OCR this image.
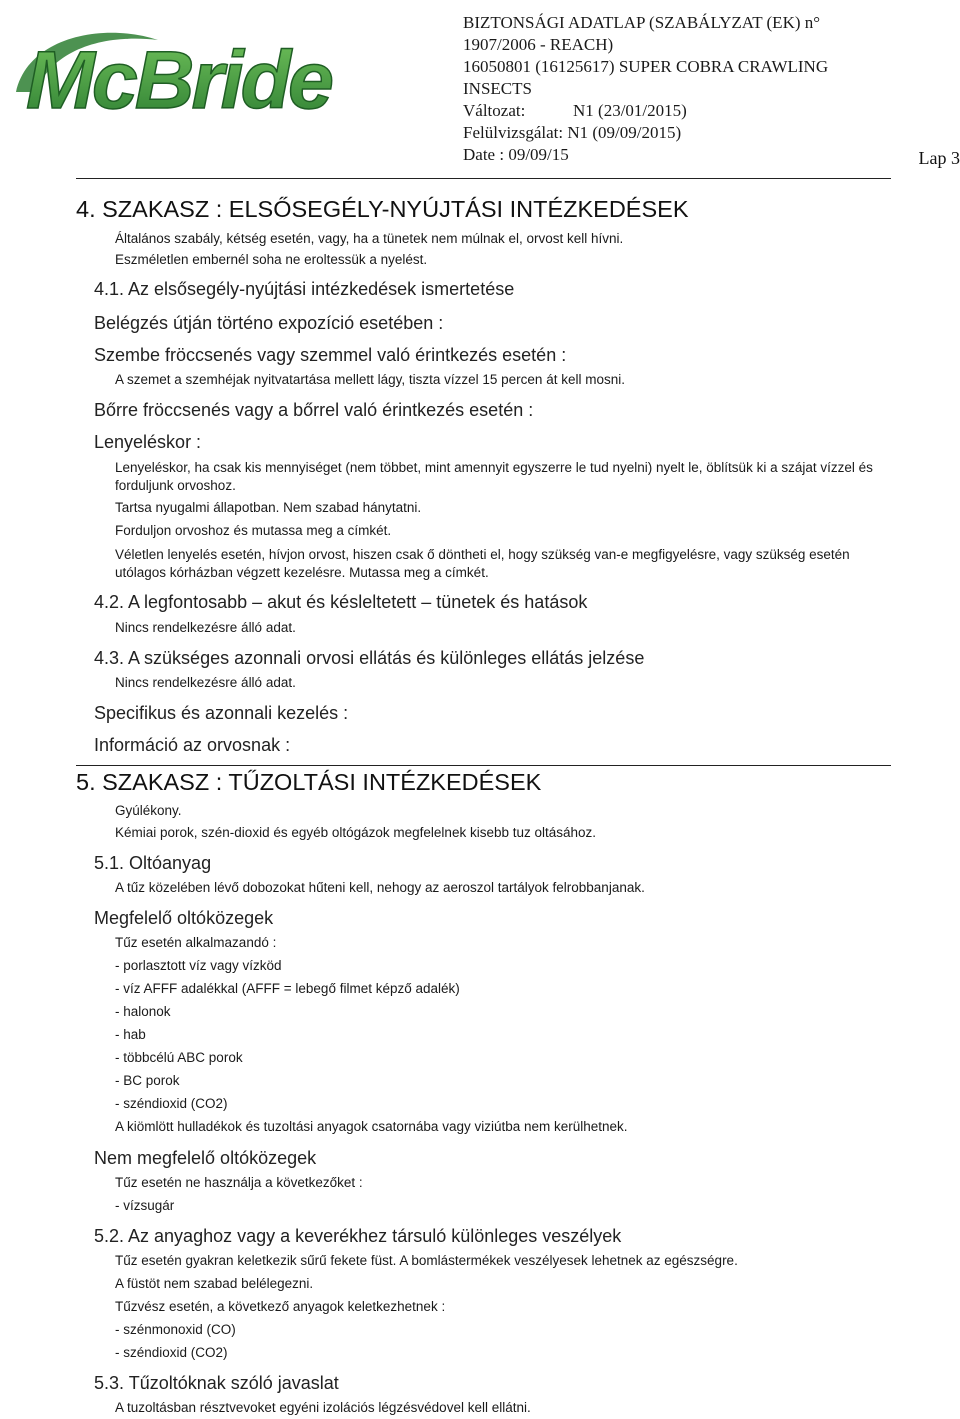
McBride
BIZTONSÁGI ADATLAP (SZABÁLYZAT (EK) n°
1907/2006 - REACH)
16050801 (16125617) SUPER COBRA CRAWLING
INSECTS
Változat:	N1 (23/01/2015)
Felülvizsgálat: N1 (09/09/2015)
Date : 09/09/15	Lap 3
4. SZAKASZ : ELSŐSEGÉLY-NYÚJTÁSI INTÉZKEDÉSEK
Általános szabály, kétség esetén, vagy, ha a tünetek nem múlnak el, orvost kell hívni.
Eszméletlen embernél soha ne eroltessük a nyelést.
4.1. Az elsősegély-nyújtási intézkedések ismertetése
Belégzés útján történo expozíció esetében :
Szembe fröccsenés vagy szemmel való érintkezés esetén :
A szemet a szemhéjak nyitvatartása mellett lágy, tiszta vízzel 15 percen át kell mosni.
Bőrre fröccsenés vagy a bőrrel való érintkezés esetén :
Lenyeléskor :
Lenyeléskor, ha csak kis mennyiséget (nem többet, mint amennyit egyszerre le tud nyelni) nyelt le, öblítsük ki a szájat vízzel és forduljunk orvoshoz.
Tartsa nyugalmi állapotban. Nem szabad hánytatni.
Forduljon orvoshoz és mutassa meg a címkét.
Véletlen lenyelés esetén, hívjon orvost, hiszen csak ő döntheti el, hogy szükség van-e megfigyelésre, vagy szükség esetén utólagos kórházban végzett kezelésre. Mutassa meg a címkét.
4.2. A legfontosabb – akut és késleltetett – tünetek és hatások
Nincs rendelkezésre álló adat.
4.3. A szükséges azonnali orvosi ellátás és különleges ellátás jelzése
Nincs rendelkezésre álló adat.
Specifikus és azonnali kezelés :
Információ az orvosnak :
5. SZAKASZ : TŰZOLTÁSI INTÉZKEDÉSEK
Gyúlékony.
Kémiai porok, szén-dioxid és egyéb oltógázok megfelelnek kisebb tuz oltásához.
5.1. Oltóanyag
A tűz közelében lévő dobozokat hűteni kell, nehogy az aeroszol tartályok felrobbanjanak.
Megfelelő oltóközegek
Tűz esetén alkalmazandó :
- porlasztott víz vagy vízköd
- víz AFFF adalékkal (AFFF = lebegő filmet képző adalék)
- halonok
- hab
- többcélú ABC porok
- BC porok
- széndioxid (CO2)
A kiömlött hulladékok és tuzoltási anyagok csatornába vagy viziútba nem kerülhetnek.
Nem megfelelő oltóközegek
Tűz esetén ne használja a következőket :
- vízsugár
5.2. Az anyaghoz vagy a keverékhez társuló különleges veszélyek
Tűz esetén gyakran keletkezik sűrű fekete füst. A bomlástermékek veszélyesek lehetnek az egészségre.
A füstöt nem szabad belélegezni.
Tűzvész esetén, a következő anyagok keletkezhetnek :
- szénmonoxid (CO)
- széndioxid (CO2)
5.3. Tűzoltóknak szóló javaslat
A tuzoltásban résztvevoket egyéni izolációs légzésvédovel kell ellátni.
